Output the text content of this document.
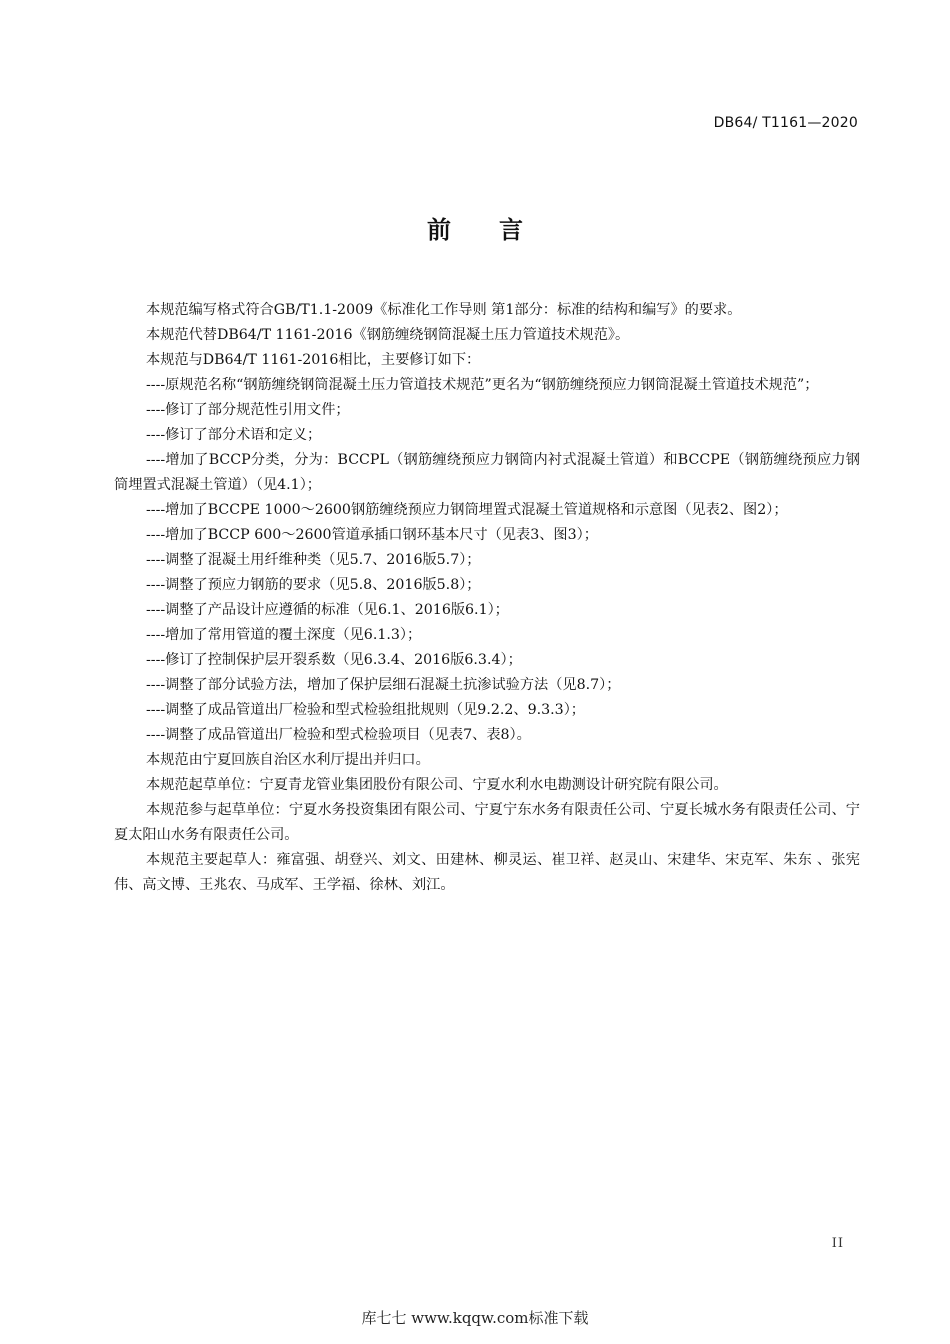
DB64/ T1161—2020
前言

本规范编写格式符合GB/T1.1-2009《标准化工作导则 第1部分：标准的结构和编写》的要求。

本规范代替DB64/T 1161-2016《钢筋缠绕钢筒混凝土压力管道技术规范》。

本规范与DB64/T 1161-2016相比，主要修订如下：

----原规范名称“钢筋缠绕钢筒混凝土压力管道技术规范”更名为“钢筋缠绕预应力钢筒混凝土管道技术规范”；

----修订了部分规范性引用文件；

----修订了部分术语和定义；

----增加了BCCP分类，分为：BCCPL（钢筋缠绕预应力钢筒内衬式混凝土管道）和BCCPE（钢筋缠绕预应力钢筒埋置式混凝土管道）（见4.1）；

----增加了BCCPE 1000～2600钢筋缠绕预应力钢筒埋置式混凝土管道规格和示意图（见表2、图2）；

----增加了BCCP 600～2600管道承插口钢环基本尺寸（见表3、图3）；

----调整了混凝土用纤维种类（见5.7、2016版5.7）；

----调整了预应力钢筋的要求（见5.8、2016版5.8）；

----调整了产品设计应遵循的标准（见6.1、2016版6.1）；

----增加了常用管道的覆土深度（见6.1.3）；

----修订了控制保护层开裂系数（见6.3.4、2016版6.3.4）；

----调整了部分试验方法，增加了保护层细石混凝土抗渗试验方法（见8.7）；

----调整了成品管道出厂检验和型式检验组批规则（见9.2.2、9.3.3）；

----调整了成品管道出厂检验和型式检验项目（见表7、表8）。

本规范由宁夏回族自治区水利厅提出并归口。

本规范起草单位：宁夏青龙管业集团股份有限公司、宁夏水利水电勘测设计研究院有限公司。

本规范参与起草单位：宁夏水务投资集团有限公司、宁夏宁东水务有限责任公司、宁夏长城水务有限责任公司、宁夏太阳山水务有限责任公司。

本规范主要起草人：雍富强、胡登兴、刘文、田建林、柳灵运、崔卫祥、赵灵山、宋建华、宋克军、朱东 、张宪伟、高文博、王兆农、马成军、王学福、徐林、刘江。

II
库七七 www.kqqw.com标准下载
